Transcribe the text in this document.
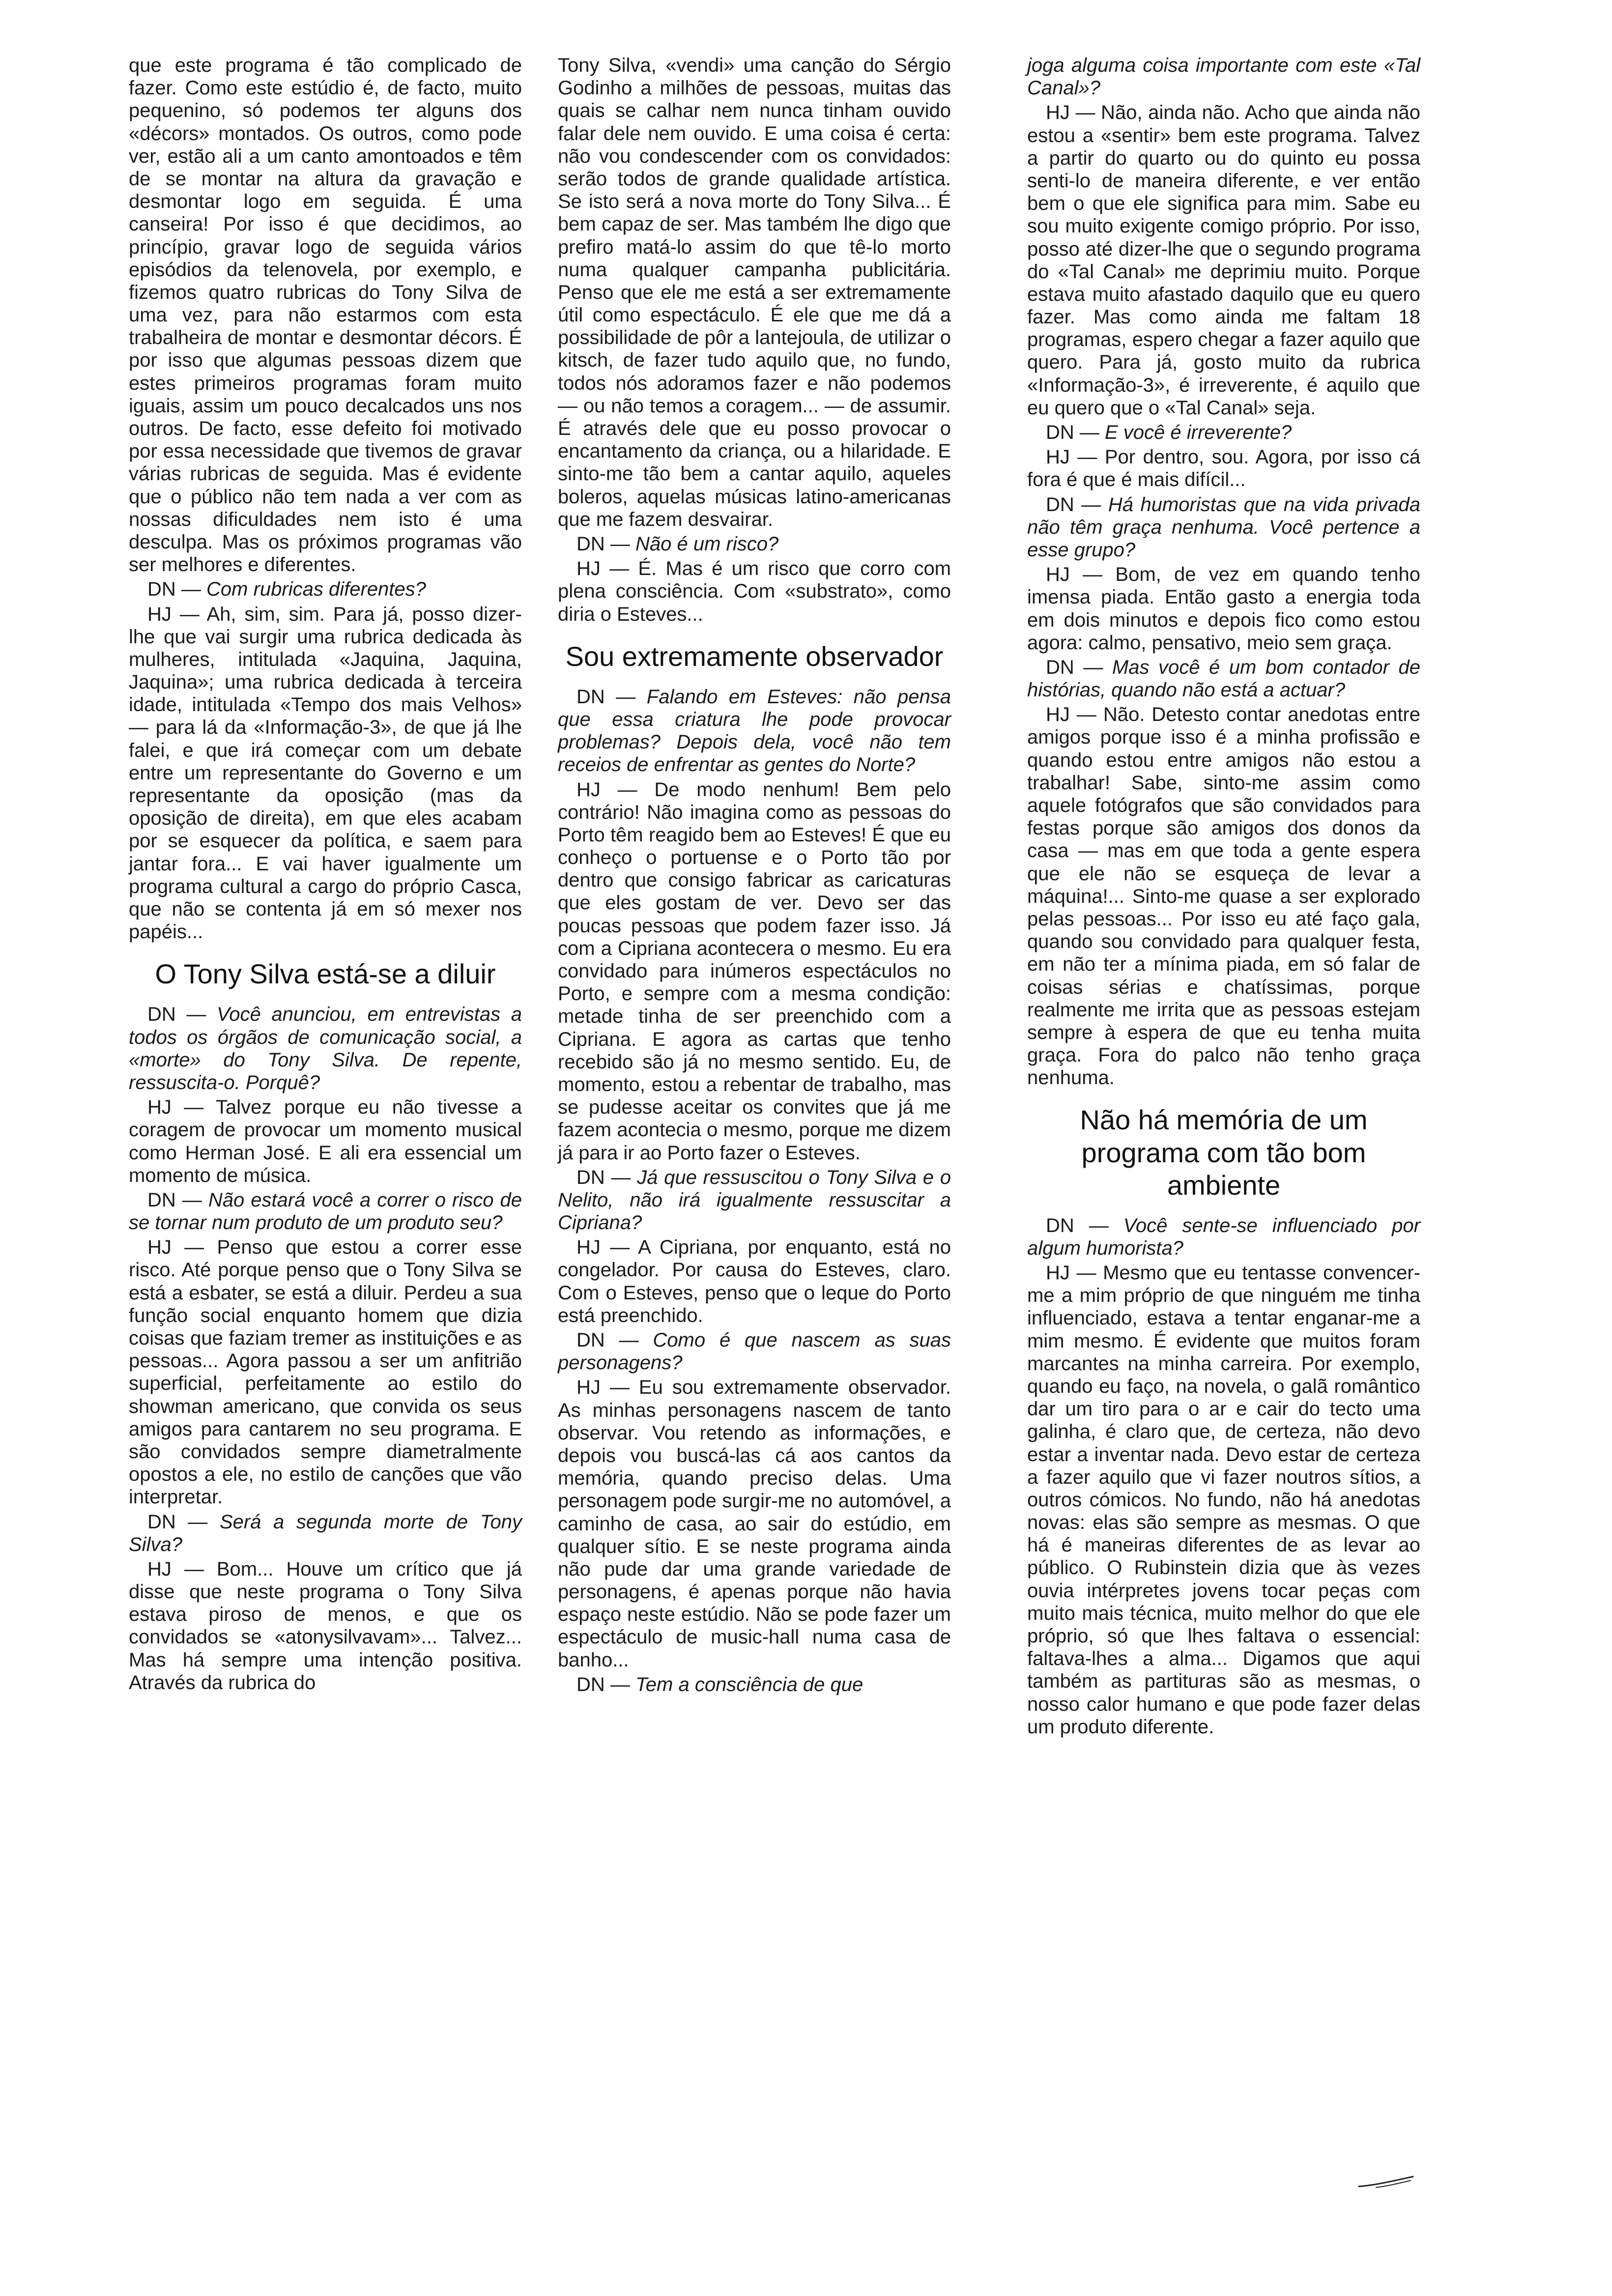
que este programa é tão complicado de fazer. Como este estúdio é, de facto, muito pequenino, só podemos ter alguns dos «décors» montados. Os outros, como pode ver, estão ali a um canto amontoados e têm de se montar na altura da gravação e desmontar logo em seguida. É uma canseira! Por isso é que decidimos, ao princípio, gravar logo de seguida vários episódios da telenovela, por exemplo, e fizemos quatro rubricas do Tony Silva de uma vez, para não estarmos com esta trabalheira de montar e desmontar décors. É por isso que algumas pessoas dizem que estes primeiros programas foram muito iguais, assim um pouco decalcados uns nos outros. De facto, esse defeito foi motivado por essa necessidade que tivemos de gravar várias rubricas de seguida. Mas é evidente que o público não tem nada a ver com as nossas dificuldades nem isto é uma desculpa. Mas os próximos programas vão ser melhores e diferentes.

DN — Com rubricas diferentes?

HJ — Ah, sim, sim. Para já, posso dizer-lhe que vai surgir uma rubrica dedicada às mulheres, intitulada «Jaquina, Jaquina, Jaquina»; uma rubrica dedicada à terceira idade, intitulada «Tempo dos mais Velhos» — para lá da «Informação-3», de que já lhe falei, e que irá começar com um debate entre um representante do Governo e um representante da oposição (mas da oposição de direita), em que eles acabam por se esquecer da política, e saem para jantar fora... E vai haver igualmente um programa cultural a cargo do próprio Casca, que não se contenta já em só mexer nos papéis...

O Tony Silva está-se a diluir

DN — Você anunciou, em entrevistas a todos os órgãos de comunicação social, a «morte» do Tony Silva. De repente, ressuscita-o. Porquê?

HJ — Talvez porque eu não tivesse a coragem de provocar um momento musical como Herman José. E ali era essencial um momento de música.

DN — Não estará você a correr o risco de se tornar num produto de um produto seu?

HJ — Penso que estou a correr esse risco. Até porque penso que o Tony Silva se está a esbater, se está a diluir. Perdeu a sua função social enquanto homem que dizia coisas que faziam tremer as instituições e as pessoas... Agora passou a ser um anfitrião superficial, perfeitamente ao estilo do showman americano, que convida os seus amigos para cantarem no seu programa. E são convidados sempre diametralmente opostos a ele, no estilo de canções que vão interpretar.

DN — Será a segunda morte de Tony Silva?

HJ — Bom... Houve um crítico que já disse que neste programa o Tony Silva estava piroso de menos, e que os convidados se «atonysilvavam»... Talvez... Mas há sempre uma intenção positiva. Através da rubrica do

Tony Silva, «vendi» uma canção do Sérgio Godinho a milhões de pessoas, muitas das quais se calhar nem nunca tinham ouvido falar dele nem ouvido. E uma coisa é certa: não vou condescender com os convidados: serão todos de grande qualidade artística. Se isto será a nova morte do Tony Silva... É bem capaz de ser. Mas também lhe digo que prefiro matá-lo assim do que tê-lo morto numa qualquer campanha publicitária. Penso que ele me está a ser extremamente útil como espectáculo. É ele que me dá a possibilidade de pôr a lantejoula, de utilizar o kitsch, de fazer tudo aquilo que, no fundo, todos nós adoramos fazer e não podemos — ou não temos a coragem... — de assumir. É através dele que eu posso provocar o encantamento da criança, ou a hilaridade. E sinto-me tão bem a cantar aquilo, aqueles boleros, aquelas músicas latino-americanas que me fazem desvairar.

DN — Não é um risco?

HJ — É. Mas é um risco que corro com plena consciência. Com «substrato», como diria o Esteves...

Sou extremamente observador

DN — Falando em Esteves: não pensa que essa criatura lhe pode provocar problemas? Depois dela, você não tem receios de enfrentar as gentes do Norte?

HJ — De modo nenhum! Bem pelo contrário! Não imagina como as pessoas do Porto têm reagido bem ao Esteves! É que eu conheço o portuense e o Porto tão por dentro que consigo fabricar as caricaturas que eles gostam de ver. Devo ser das poucas pessoas que podem fazer isso. Já com a Cipriana acontecera o mesmo. Eu era convidado para inúmeros espectáculos no Porto, e sempre com a mesma condição: metade tinha de ser preenchido com a Cipriana. E agora as cartas que tenho recebido são já no mesmo sentido. Eu, de momento, estou a rebentar de trabalho, mas se pudesse aceitar os convites que já me fazem acontecia o mesmo, porque me dizem já para ir ao Porto fazer o Esteves.

DN — Já que ressuscitou o Tony Silva e o Nelito, não irá igualmente ressuscitar a Cipriana?

HJ — A Cipriana, por enquanto, está no congelador. Por causa do Esteves, claro. Com o Esteves, penso que o leque do Porto está preenchido.

DN — Como é que nascem as suas personagens?

HJ — Eu sou extremamente observador. As minhas personagens nascem de tanto observar. Vou retendo as informações, e depois vou buscá-las cá aos cantos da memória, quando preciso delas. Uma personagem pode surgir-me no automóvel, a caminho de casa, ao sair do estúdio, em qualquer sítio. E se neste programa ainda não pude dar uma grande variedade de personagens, é apenas porque não havia espaço neste estúdio. Não se pode fazer um espectáculo de music-hall numa casa de banho...

DN — Tem a consciência de que

joga alguma coisa importante com este «Tal Canal»?

HJ — Não, ainda não. Acho que ainda não estou a «sentir» bem este programa. Talvez a partir do quarto ou do quinto eu possa senti-lo de maneira diferente, e ver então bem o que ele significa para mim. Sabe eu sou muito exigente comigo próprio. Por isso, posso até dizer-lhe que o segundo programa do «Tal Canal» me deprimiu muito. Porque estava muito afastado daquilo que eu quero fazer. Mas como ainda me faltam 18 programas, espero chegar a fazer aquilo que quero. Para já, gosto muito da rubrica «Informação-3», é irreverente, é aquilo que eu quero que o «Tal Canal» seja.

DN — E você é irreverente?

HJ — Por dentro, sou. Agora, por isso cá fora é que é mais difícil...

DN — Há humoristas que na vida privada não têm graça nenhuma. Você pertence a esse grupo?

HJ — Bom, de vez em quando tenho imensa piada. Então gasto a energia toda em dois minutos e depois fico como estou agora: calmo, pensativo, meio sem graça.

DN — Mas você é um bom contador de histórias, quando não está a actuar?

HJ — Não. Detesto contar anedotas entre amigos porque isso é a minha profissão e quando estou entre amigos não estou a trabalhar! Sabe, sinto-me assim como aquele fotógrafos que são convidados para festas porque são amigos dos donos da casa — mas em que toda a gente espera que ele não se esqueça de levar a máquina!... Sinto-me quase a ser explorado pelas pessoas... Por isso eu até faço gala, quando sou convidado para qualquer festa, em não ter a mínima piada, em só falar de coisas sérias e chatíssimas, porque realmente me irrita que as pessoas estejam sempre à espera de que eu tenha muita graça. Fora do palco não tenho graça nenhuma.

Não há memória de um programa com tão bom ambiente

DN — Você sente-se influenciado por algum humorista?

HJ — Mesmo que eu tentasse convencer-me a mim próprio de que ninguém me tinha influenciado, estava a tentar enganar-me a mim mesmo. É evidente que muitos foram marcantes na minha carreira. Por exemplo, quando eu faço, na novela, o galã romântico dar um tiro para o ar e cair do tecto uma galinha, é claro que, de certeza, não devo estar a inventar nada. Devo estar de certeza a fazer aquilo que vi fazer noutros sítios, a outros cómicos. No fundo, não há anedotas novas: elas são sempre as mesmas. O que há é maneiras diferentes de as levar ao público. O Rubinstein dizia que às vezes ouvia intérpretes jovens tocar peças com muito mais técnica, muito melhor do que ele próprio, só que lhes faltava o essencial: faltava-lhes a alma... Digamos que aqui também as partituras são as mesmas, o nosso calor humano e que pode fazer delas um produto diferente.
